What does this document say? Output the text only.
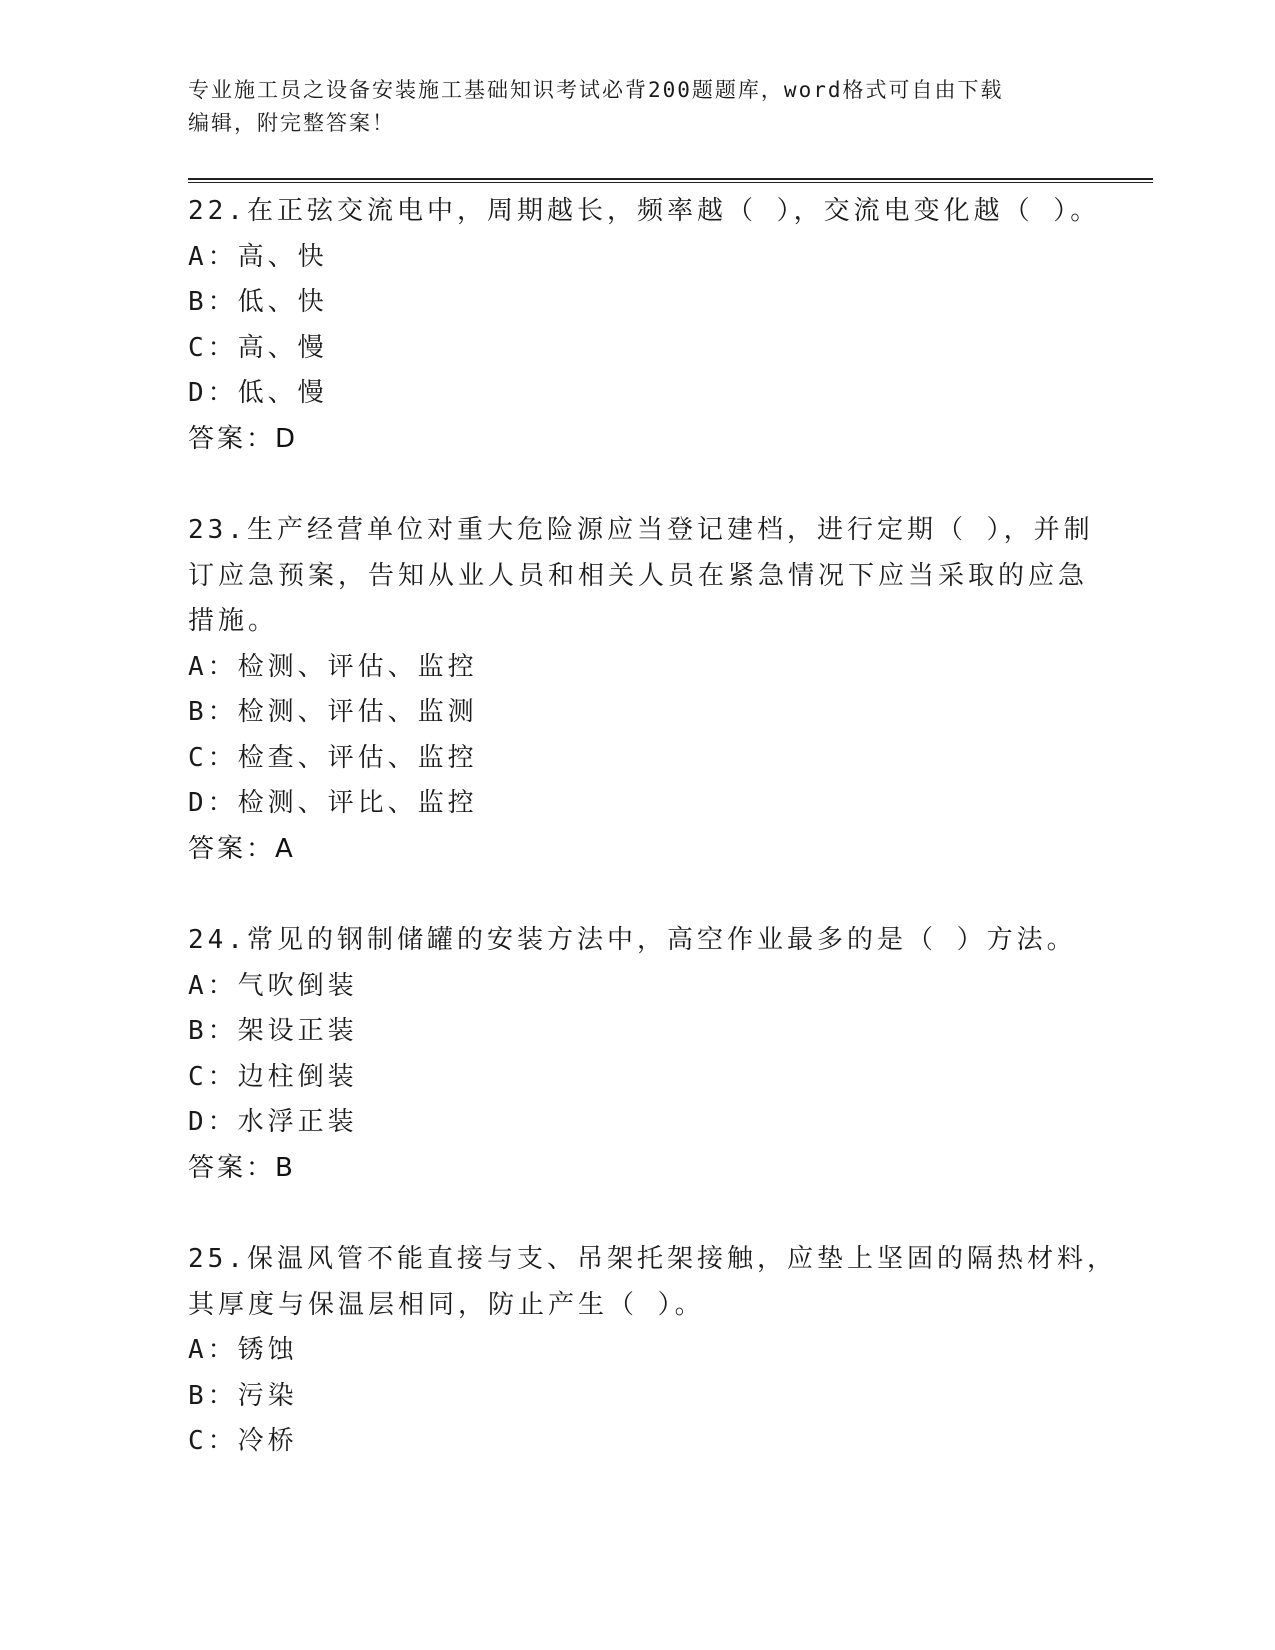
专业施工员之设备安装施工基础知识考试必背200题题库，word格式可自由下载
编辑，附完整答案！
22.在正弦交流电中，周期越长，频率越（ ），交流电变化越（ ）。
A：高、快
B：低、快
C：高、慢
D：低、慢
答案：D
23.生产经营单位对重大危险源应当登记建档，进行定期（ ），并制
订应急预案，告知从业人员和相关人员在紧急情况下应当采取的应急
措施。
A：检测、评估、监控
B：检测、评估、监测
C：检查、评估、监控
D：检测、评比、监控
答案：A
24.常见的钢制储罐的安装方法中，高空作业最多的是（ ）方法。
A：气吹倒装
B：架设正装
C：边柱倒装
D：水浮正装
答案：B
25.保温风管不能直接与支、吊架托架接触，应垫上坚固的隔热材料，
其厚度与保温层相同，防止产生（ ）。
A：锈蚀
B：污染
C：冷桥
